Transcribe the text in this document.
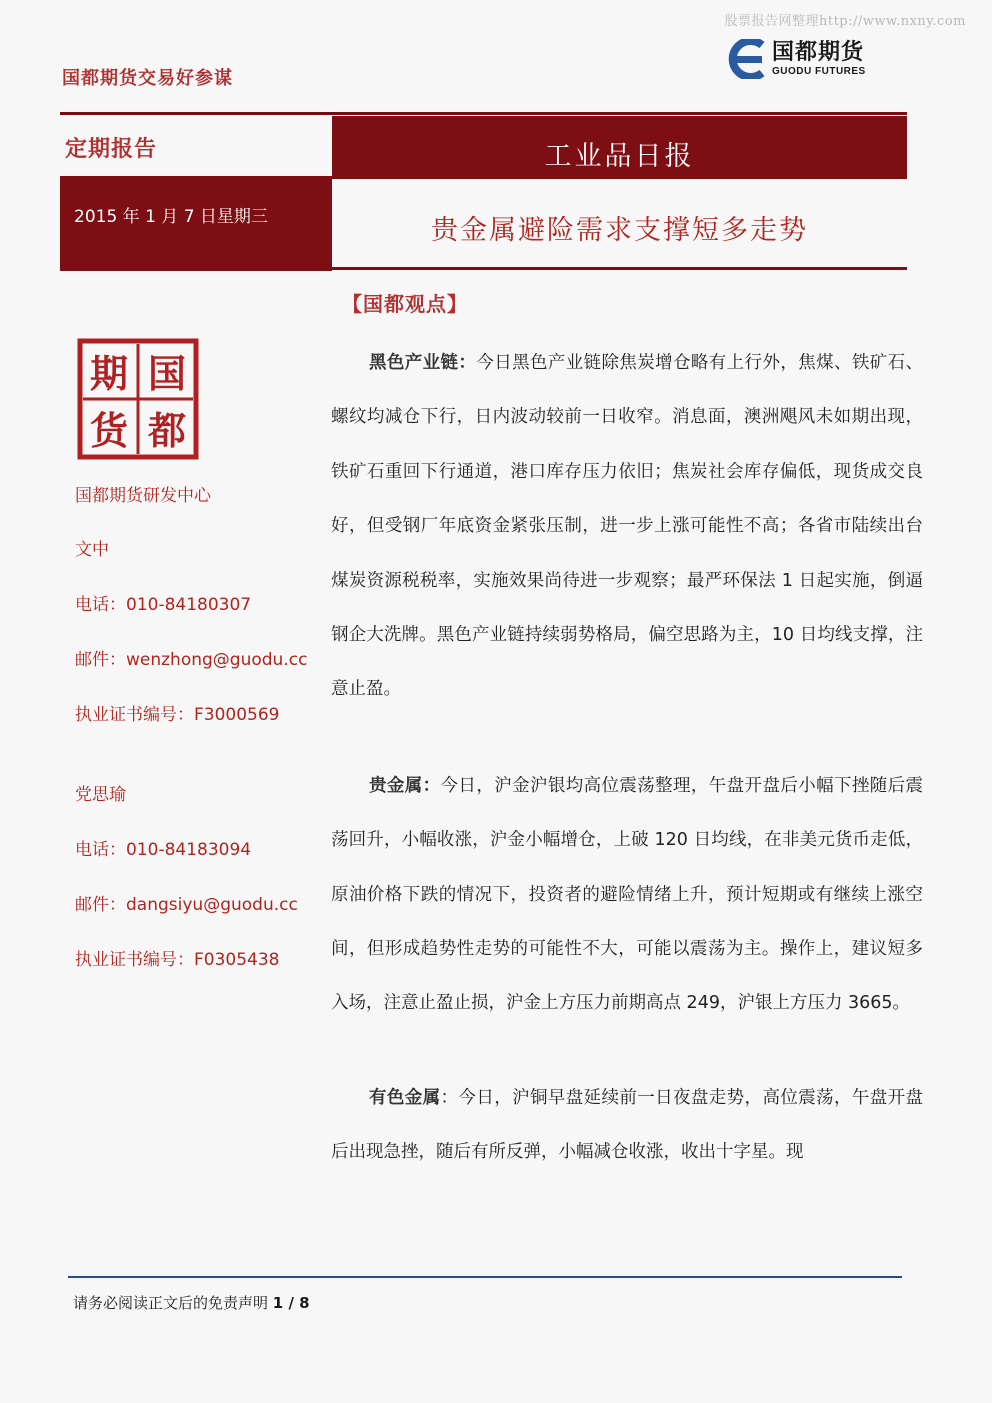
股票报告网整理http://www.nxny.com
国都期货交易好参谋
国都期货
GUODU FUTURES
定期报告	工业品日报
2015 年 1 月 7 日星期三	贵金属避险需求支撑短多走势
【国都观点】
期 国
货 都
国都期货研发中心
文中
电话：010-84180307
邮件：wenzhong@guodu.cc
执业证书编号：F3000569
党思瑜
电话：010-84183094
邮件：dangsiyu@guodu.cc
执业证书编号：F0305438

黑色产业链：今日黑色产业链除焦炭增仓略有上行外，焦煤、铁矿石、螺纹均减仓下行，日内波动较前一日收窄。消息面，澳洲飓风未如期出现，铁矿石重回下行通道，港口库存压力依旧；焦炭社会库存偏低，现货成交良好，但受钢厂年底资金紧张压制，进一步上涨可能性不高；各省市陆续出台煤炭资源税税率，实施效果尚待进一步观察；最严环保法 1 日起实施，倒逼钢企大洗牌。黑色产业链持续弱势格局，偏空思路为主，10 日均线支撑，注意止盈。

贵金属：今日，沪金沪银均高位震荡整理，午盘开盘后小幅下挫随后震荡回升，小幅收涨，沪金小幅增仓，上破 120 日均线，在非美元货币走低，原油价格下跌的情况下，投资者的避险情绪上升，预计短期或有继续上涨空间，但形成趋势性走势的可能性不大，可能以震荡为主。操作上，建议短多入场，注意止盈止损，沪金上方压力前期高点 249，沪银上方压力 3665。

有色金属：今日，沪铜早盘延续前一日夜盘走势，高位震荡，午盘开盘后出现急挫，随后有所反弹，小幅减仓收涨，收出十字星。现

请务必阅读正文后的免责声明 1 / 8
